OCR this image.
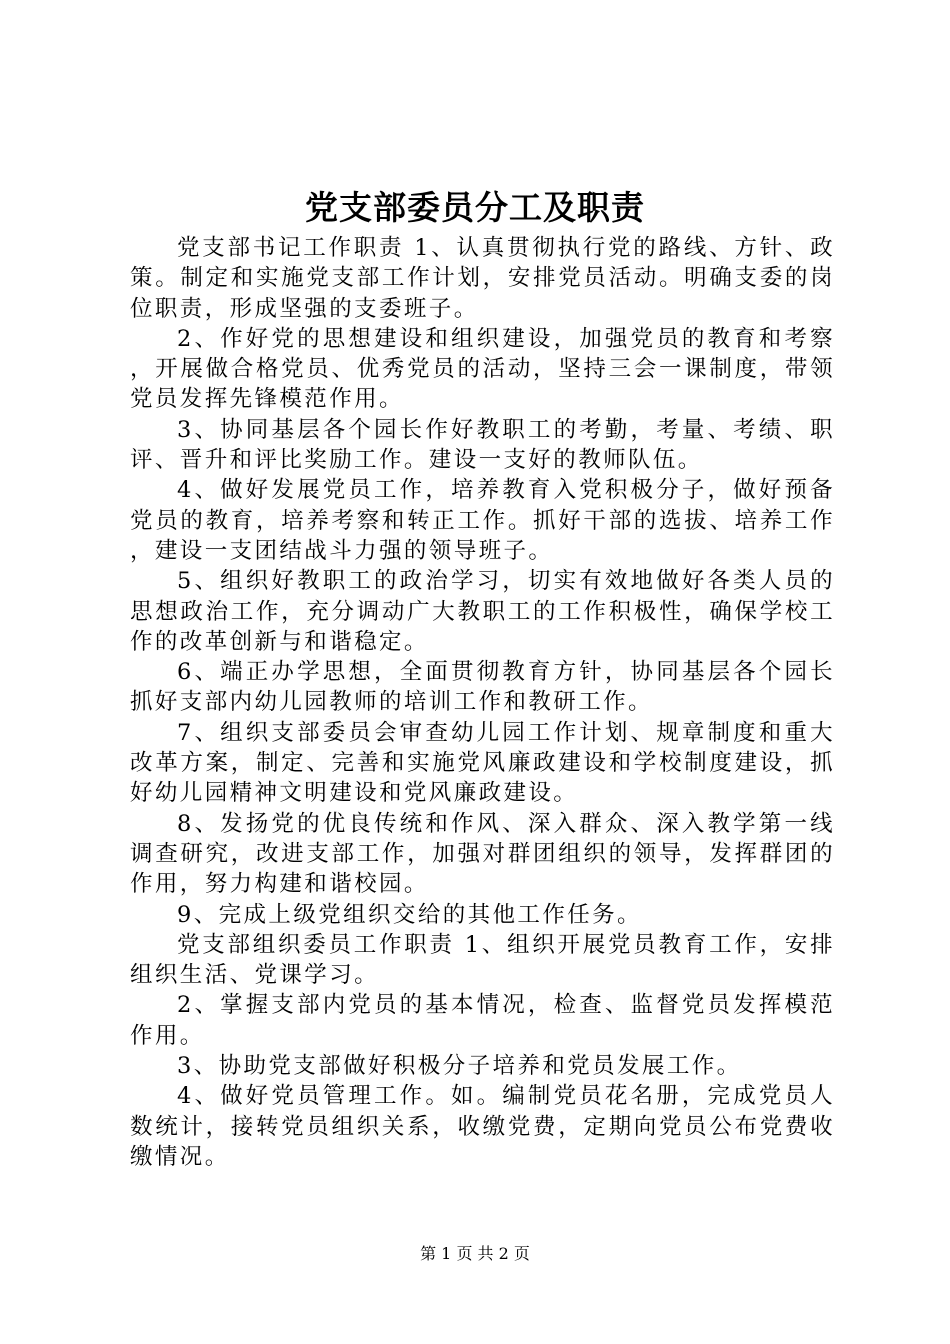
党支部委员分工及职责

党支部书记工作职责 1、认真贯彻执行党的路线、方针、政策。制定和实施党支部工作计划，安排党员活动。明确支委的岗位职责，形成坚强的支委班子。

2、作好党的思想建设和组织建设，加强党员的教育和考察，开展做合格党员、优秀党员的活动，坚持三会一课制度，带领党员发挥先锋模范作用。

3、协同基层各个园长作好教职工的考勤，考量、考绩、职评、晋升和评比奖励工作。建设一支好的教师队伍。

4、做好发展党员工作，培养教育入党积极分子，做好预备党员的教育，培养考察和转正工作。抓好干部的选拔、培养工作，建设一支团结战斗力强的领导班子。

5、组织好教职工的政治学习，切实有效地做好各类人员的思想政治工作，充分调动广大教职工的工作积极性，确保学校工作的改革创新与和谐稳定。

6、端正办学思想，全面贯彻教育方针，协同基层各个园长抓好支部内幼儿园教师的培训工作和教研工作。

7、组织支部委员会审查幼儿园工作计划、规章制度和重大改革方案，制定、完善和实施党风廉政建设和学校制度建设，抓好幼儿园精神文明建设和党风廉政建设。

8、发扬党的优良传统和作风、深入群众、深入教学第一线调查研究，改进支部工作，加强对群团组织的领导，发挥群团的作用，努力构建和谐校园。

9、完成上级党组织交给的其他工作任务。

党支部组织委员工作职责 1、组织开展党员教育工作，安排组织生活、党课学习。

2、掌握支部内党员的基本情况，检查、监督党员发挥模范作用。

3、协助党支部做好积极分子培养和党员发展工作。

4、做好党员管理工作。如。编制党员花名册，完成党员人数统计，接转党员组织关系，收缴党费，定期向党员公布党费收缴情况。

第 1 页 共 2 页
